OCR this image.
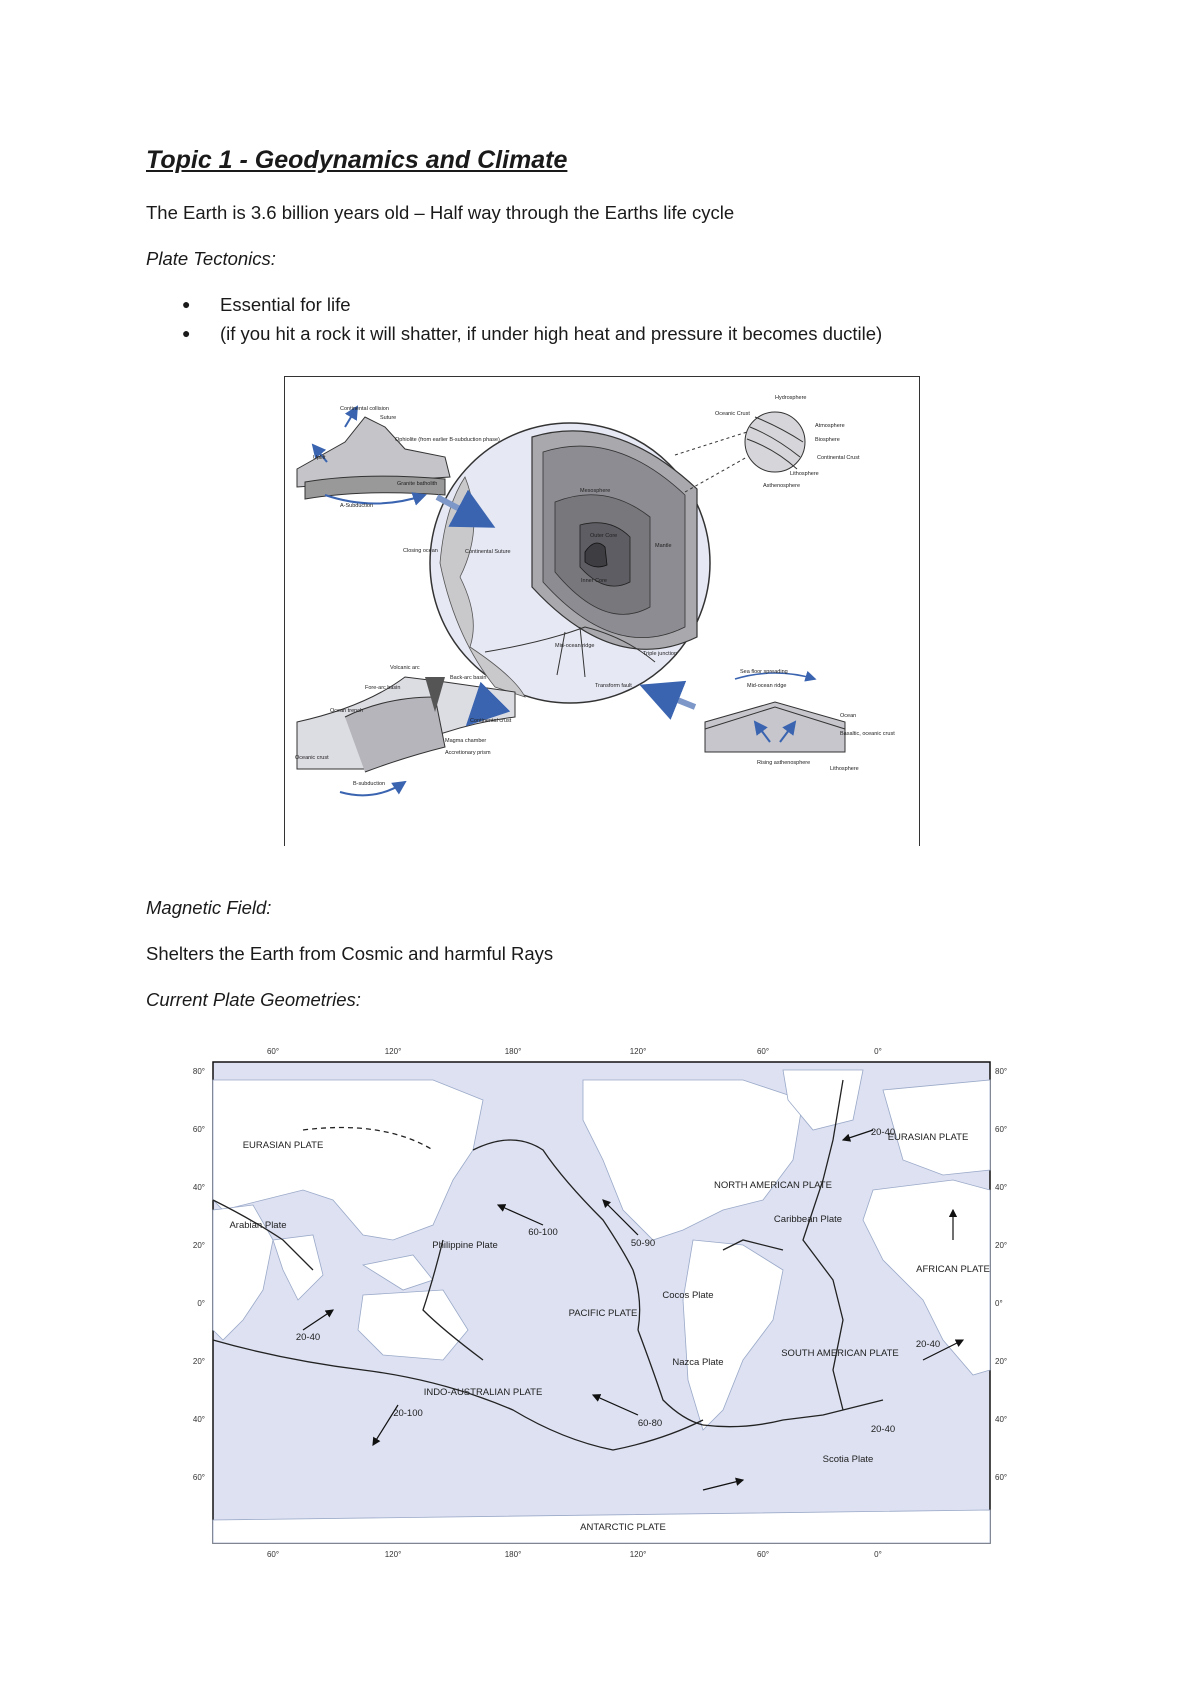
Topic 1 - Geodynamics and Climate
The Earth is 3.6 billion years old – Half way through the Earths life cycle
Plate Tectonics:
● Essential for life
● (if you hit a rock it will shatter, if under high heat and pressure it becomes ductile)
Continental collision
Suture
Ophiolite (from earlier B-subduction phase)
Uplift
Granite batholith
A-Subduction
Closing ocean	Continental Suture
Mesosphere
Outer Core
Inner Core
Mantle
Mid-ocean ridge
Triple junction
Transform fault
Hydrosphere
Oceanic Crust
Atmosphere
Biosphere
Continental Crust
Lithosphere
Asthenosphere
Volcanic arc
Back-arc basin
Fore-arc basin
Ocean trench
Continental crust
Magma chamber
Accretionary prism
Oceanic crust
B-subduction
Sea floor spreading
Mid-ocean ridge
Ocean
Basaltic, oceanic crust
Rising asthenosphere
Lithosphere
Magnetic Field:
Shelters the Earth from Cosmic and harmful Rays
Current Plate Geometries:
EURASIAN PLATE
EURASIAN PLATE
Arabian Plate
Philippine Plate
PACIFIC PLATE
INDO-AUSTRALIAN PLATE
NORTH AMERICAN PLATE
Caribbean Plate
Cocos Plate
Nazca Plate
SOUTH AMERICAN PLATE
AFRICAN PLATE
Scotia Plate
ANTARCTIC PLATE
60-100
50-90
20-40
20-100
60-80
20-40
20-40
20-40
60°	120°	180°	120°	60°	0°
60°	120°	180°	120°	60°	0°
80°
60°
40°
20°
0°
20°
40°
60°
80°
60°
40°
20°
0°
20°
40°
60°
